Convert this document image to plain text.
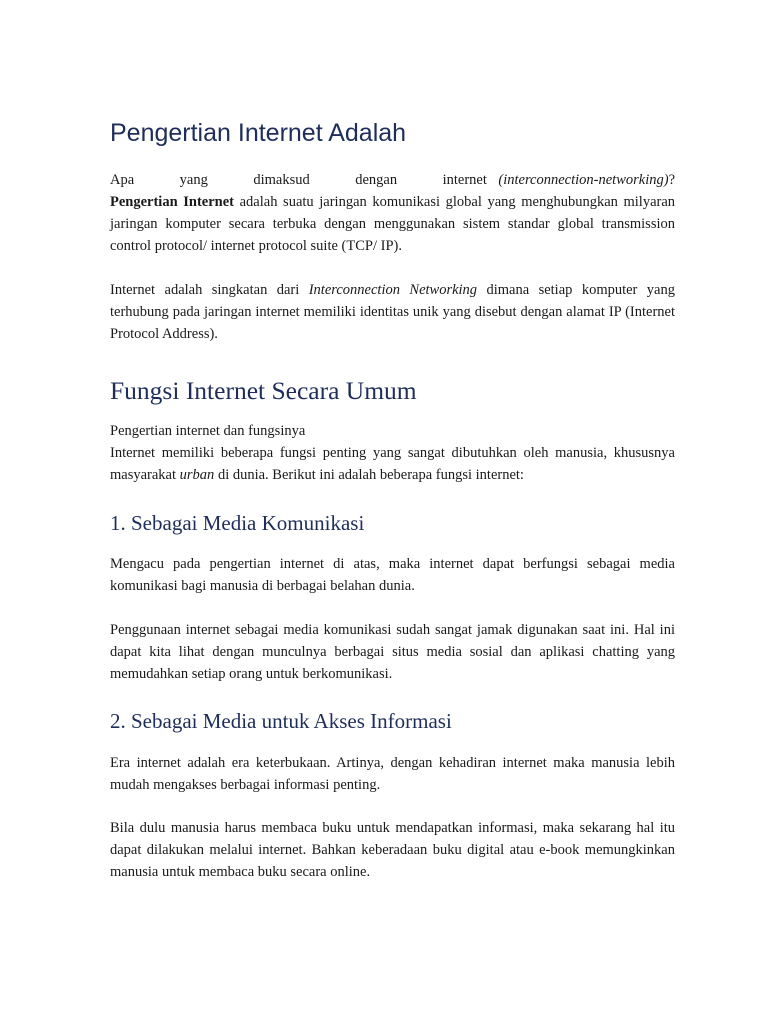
Pengertian Internet Adalah

Apa yang dimaksud dengan internet (interconnection-networking)? Pengertian Internet adalah suatu jaringan komunikasi global yang menghubungkan milyaran jaringan komputer secara terbuka dengan menggunakan sistem standar global transmission control protocol/ internet protocol suite (TCP/ IP).

Internet adalah singkatan dari Interconnection Networking dimana setiap komputer yang terhubung pada jaringan internet memiliki identitas unik yang disebut dengan alamat IP (Internet Protocol Address).

Fungsi Internet Secara Umum

Pengertian internet dan fungsinya

Internet memiliki beberapa fungsi penting yang sangat dibutuhkan oleh manusia, khususnya masyarakat urban di dunia. Berikut ini adalah beberapa fungsi internet:

1. Sebagai Media Komunikasi

Mengacu pada pengertian internet di atas, maka internet dapat berfungsi sebagai media komunikasi bagi manusia di berbagai belahan dunia.

Penggunaan internet sebagai media komunikasi sudah sangat jamak digunakan saat ini. Hal ini dapat kita lihat dengan munculnya berbagai situs media sosial dan aplikasi chatting yang memudahkan setiap orang untuk berkomunikasi.

2. Sebagai Media untuk Akses Informasi

Era internet adalah era keterbukaan. Artinya, dengan kehadiran internet maka manusia lebih mudah mengakses berbagai informasi penting.

Bila dulu manusia harus membaca buku untuk mendapatkan informasi, maka sekarang hal itu dapat dilakukan melalui internet. Bahkan keberadaan buku digital atau e-book memungkinkan manusia untuk membaca buku secara online.
